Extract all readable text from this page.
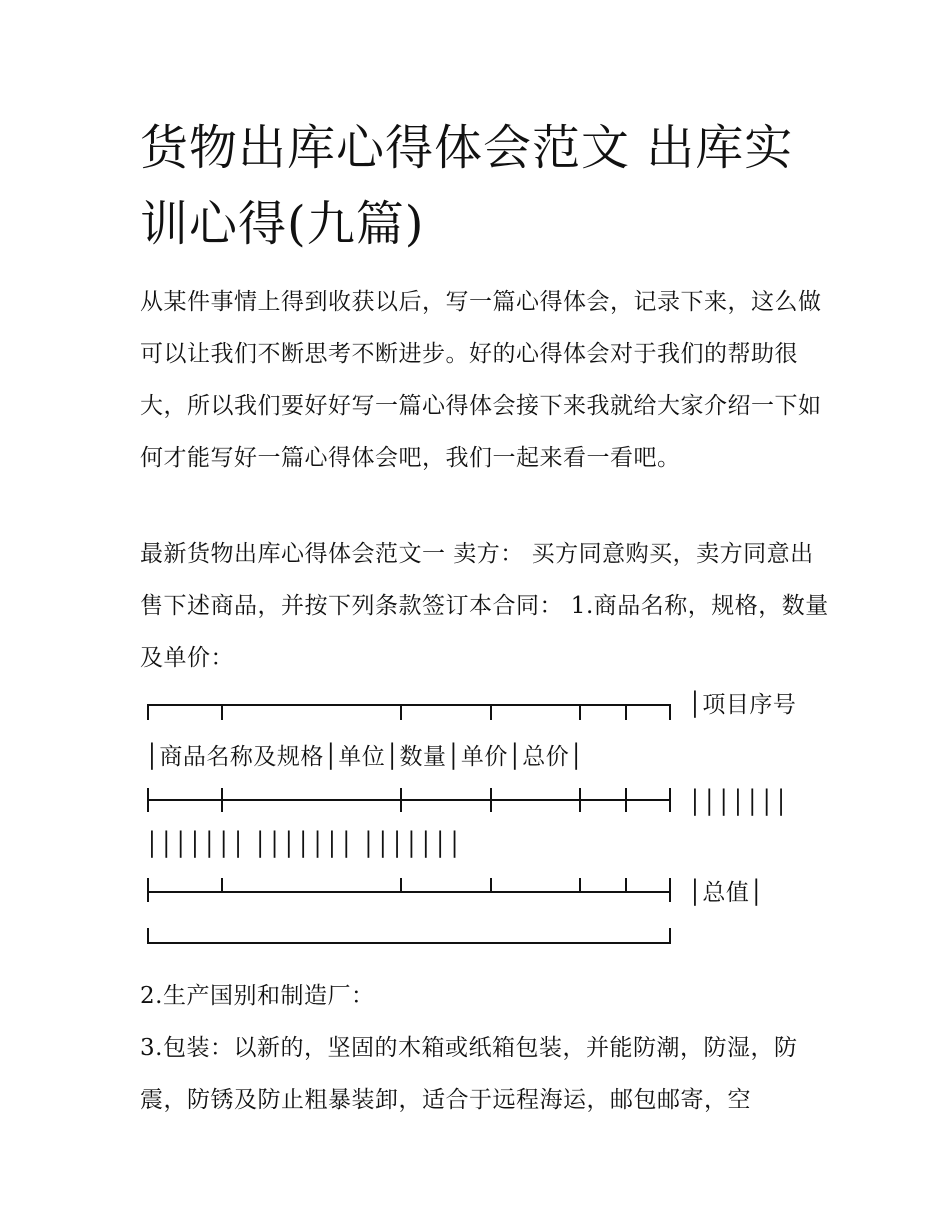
货物出库心得体会范文 出库实训心得(九篇)

从某件事情上得到收获以后，写一篇心得体会，记录下来，这么做可以让我们不断思考不断进步。好的心得体会对于我们的帮助很大，所以我们要好好写一篇心得体会接下来我就给大家介绍一下如何才能写好一篇心得体会吧，我们一起来看一看吧。

最新货物出库心得体会范文一 卖方： 买方同意购买，卖方同意出售下述商品，并按下列条款签订本合同： 1.商品名称，规格，数量及单价：

│项目序号
│商品名称及规格│单位│数量│单价│总价│
│││││││
│││││││ │││││││ │││││││
│总值│

2.生产国别和制造厂：

3.包装：以新的，坚固的木箱或纸箱包装，并能防潮，防湿，防震，防锈及防止粗暴装卸，适合于远程海运，邮包邮寄，空
